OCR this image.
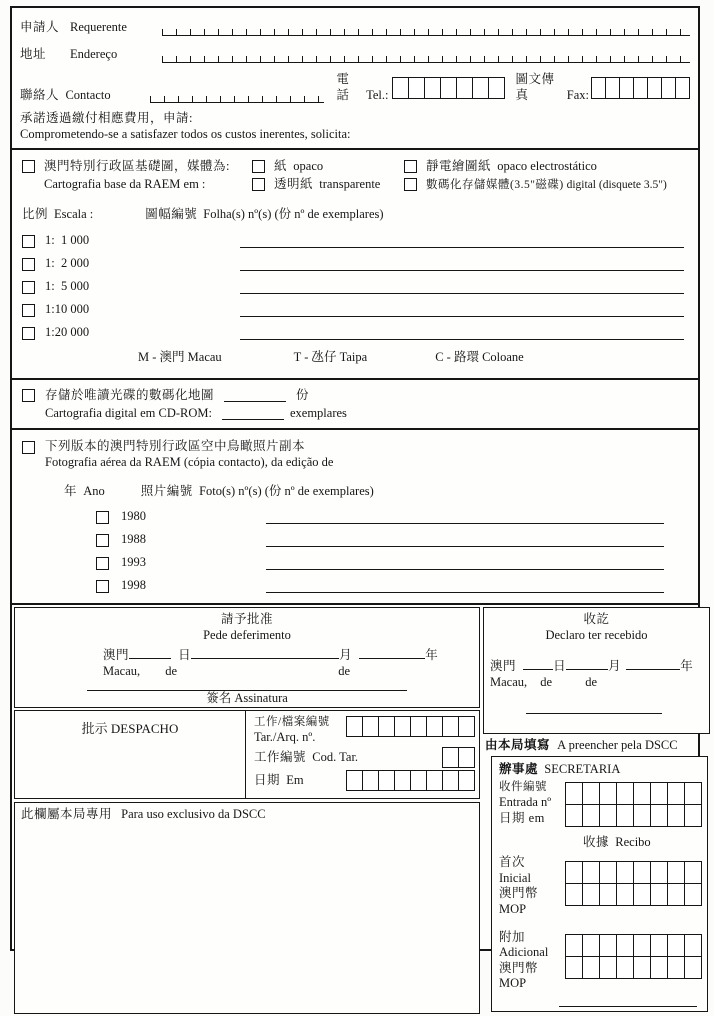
申請人 Requerente
地址	Endereço
聯絡人 Contacto
電話	Tel.:
圖文傳真	Fax:
承諾透過繳付相應費用，申請:
Comprometendo-se a satisfazer todos os custos inerentes, solicita:
澳門特別行政區基礎圖，媒體為:	紙 opaco	靜電繪圖紙 opaco electrostático
Cartografia base da RAEM em :	透明紙 transparente	數碼化存儲媒體(3.5"磁碟) digital (disquete 3.5")
比例 Escala :	圖幅編號 Folha(s) nº(s) (份 nº de exemplares)
1:  1 000
1:  2 000
1:  5 000
1:10 000
1:20 000
M - 澳門 Macau	T - 氹仔 Taipa	C - 路環 Coloane
存儲於唯讀光碟的數碼化地圖	份
Cartografia digital em CD-ROM:	exemplares
下列版本的澳門特別行政區空中鳥瞰照片副本
Fotografia aérea da RAEM (cópia contacto), da edição de
年 Ano	照片編號 Foto(s) nº(s) (份 nº de exemplares)
1980
1988
1993
1998
請予批准
Pede deferimento
澳門	日	月	年
Macau, de	de
簽名 Assinatura
批示 DESPACHO	工作/檔案編號
Tar./Arq. nº.
工作編號 Cod. Tar.
日期 Em
此欄屬本局專用 Para uso exclusivo da DSCC
收訖
Declaro ter recebido
澳門	日	月	年
Macau, de	de
由本局填寫 A preencher pela DSCC
辦事處 SECRETARIA
收件編號
Entrada nº
日期 em
收據 Recibo
首次
Inicial
澳門幣
MOP
附加
Adicional
澳門幣
MOP
